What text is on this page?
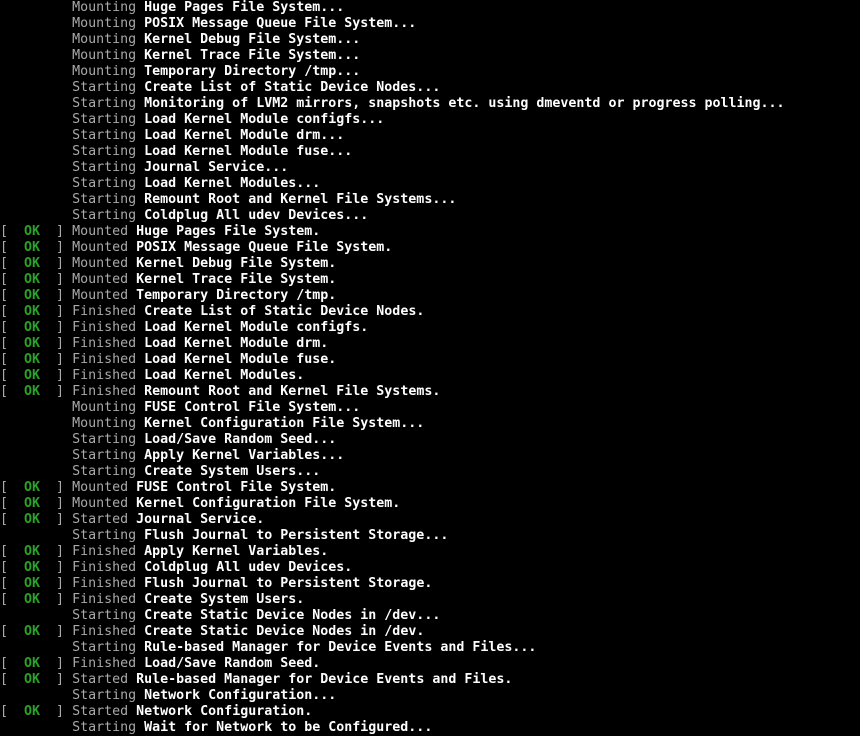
Mounting Huge Pages File System...
Mounting POSIX Message Queue File System...
Mounting Kernel Debug File System...
Mounting Kernel Trace File System...
Mounting Temporary Directory /tmp...
Starting Create List of Static Device Nodes...
Starting Monitoring of LVM2 mirrors, snapshots etc. using dmeventd or progress polling...
Starting Load Kernel Module configfs...
Starting Load Kernel Module drm...
Starting Load Kernel Module fuse...
Starting Journal Service...
Starting Load Kernel Modules...
Starting Remount Root and Kernel File Systems...
Starting Coldplug All udev Devices...
[  OK  ] Mounted Huge Pages File System.
[  OK  ] Mounted POSIX Message Queue File System.
[  OK  ] Mounted Kernel Debug File System.
[  OK  ] Mounted Kernel Trace File System.
[  OK  ] Mounted Temporary Directory /tmp.
[  OK  ] Finished Create List of Static Device Nodes.
[  OK  ] Finished Load Kernel Module configfs.
[  OK  ] Finished Load Kernel Module drm.
[  OK  ] Finished Load Kernel Module fuse.
[  OK  ] Finished Load Kernel Modules.
[  OK  ] Finished Remount Root and Kernel File Systems.
Mounting FUSE Control File System...
Mounting Kernel Configuration File System...
Starting Load/Save Random Seed...
Starting Apply Kernel Variables...
Starting Create System Users...
[  OK  ] Mounted FUSE Control File System.
[  OK  ] Mounted Kernel Configuration File System.
[  OK  ] Started Journal Service.
Starting Flush Journal to Persistent Storage...
[  OK  ] Finished Apply Kernel Variables.
[  OK  ] Finished Coldplug All udev Devices.
[  OK  ] Finished Flush Journal to Persistent Storage.
[  OK  ] Finished Create System Users.
Starting Create Static Device Nodes in /dev...
[  OK  ] Finished Create Static Device Nodes in /dev.
Starting Rule-based Manager for Device Events and Files...
[  OK  ] Finished Load/Save Random Seed.
[  OK  ] Started Rule-based Manager for Device Events and Files.
Starting Network Configuration...
[  OK  ] Started Network Configuration.
Starting Wait for Network to be Configured...
